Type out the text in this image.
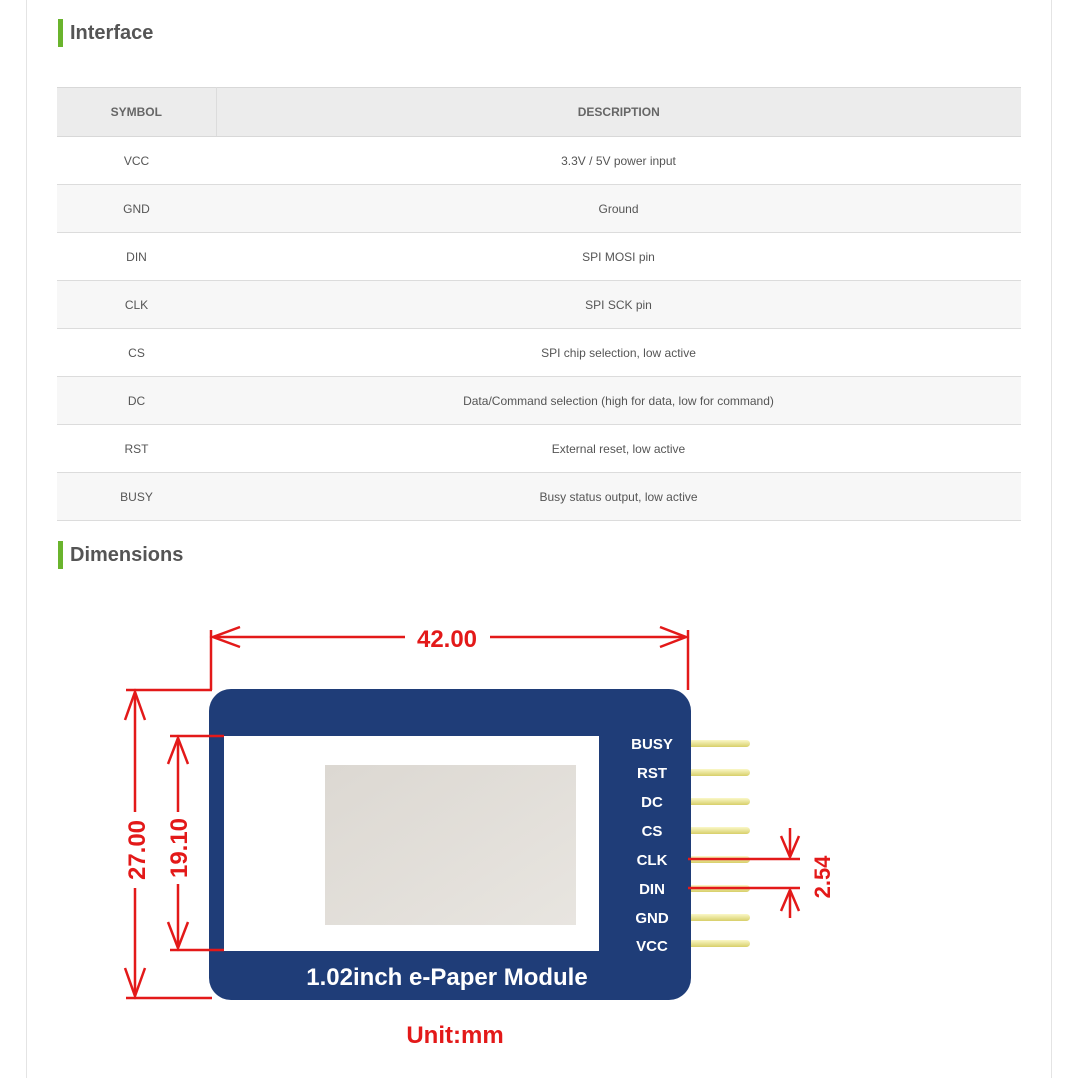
Interface
SYMBOL	DESCRIPTION
VCC	3.3V / 5V power input
GND	Ground
DIN	SPI MOSI pin
CLK	SPI SCK pin
CS	SPI chip selection, low active
DC	Data/Command selection (high for data, low for command)
RST	External reset, low active
BUSY	Busy status output, low active
Dimensions
BUSY
RST
DC
CS
CLK
DIN
GND
VCC
1.02inch e-Paper Module
42.00
27.00 19.10	2.54
Unit:mm
